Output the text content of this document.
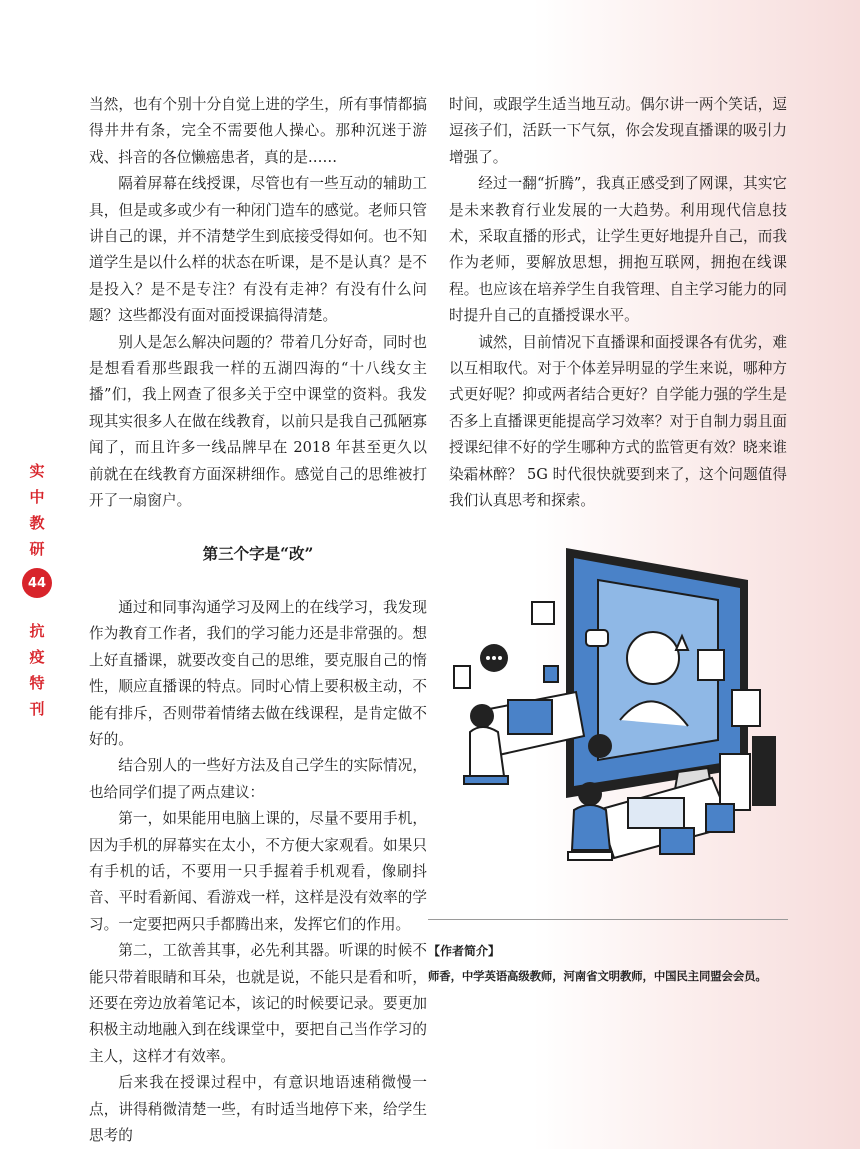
实
中
教
研
44
抗
疫
特
刊

当然，也有个别十分自觉上进的学生，所有事情都搞得井井有条，完全不需要他人操心。那种沉迷于游戏、抖音的各位懒癌患者，真的是……

隔着屏幕在线授课，尽管也有一些互动的辅助工具，但是或多或少有一种闭门造车的感觉。老师只管讲自己的课，并不清楚学生到底接受得如何。也不知道学生是以什么样的状态在听课，是不是认真？是不是投入？是不是专注？有没有走神？有没有什么问题？这些都没有面对面授课搞得清楚。

别人是怎么解决问题的？带着几分好奇，同时也是想看看那些跟我一样的五湖四海的“十八线女主播”们，我上网查了很多关于空中课堂的资料。我发现其实很多人在做在线教育，以前只是我自己孤陋寡闻了，而且许多一线品牌早在 2018 年甚至更久以前就在在线教育方面深耕细作。感觉自己的思维被打开了一扇窗户。

第三个字是“改”

通过和同事沟通学习及网上的在线学习，我发现作为教育工作者，我们的学习能力还是非常强的。想上好直播课，就要改变自己的思维，要克服自己的惰性，顺应直播课的特点。同时心情上要积极主动，不能有排斥，否则带着情绪去做在线课程，是肯定做不好的。

结合别人的一些好方法及自己学生的实际情况，也给同学们提了两点建议：

第一，如果能用电脑上课的，尽量不要用手机，因为手机的屏幕实在太小，不方便大家观看。如果只有手机的话，不要用一只手握着手机观看，像刷抖音、平时看新闻、看游戏一样，这样是没有效率的学习。一定要把两只手都腾出来，发挥它们的作用。

第二，工欲善其事，必先利其器。听课的时候不能只带着眼睛和耳朵，也就是说，不能只是看和听，还要在旁边放着笔记本，该记的时候要记录。要更加积极主动地融入到在线课堂中，要把自己当作学习的主人，这样才有效率。

后来我在授课过程中，有意识地语速稍微慢一点，讲得稍微清楚一些，有时适当地停下来，给学生思考的

时间，或跟学生适当地互动。偶尔讲一两个笑话，逗逗孩子们，活跃一下气氛，你会发现直播课的吸引力增强了。

经过一翻“折腾”，我真正感受到了网课，其实它是未来教育行业发展的一大趋势。利用现代信息技术，采取直播的形式，让学生更好地提升自己，而我作为老师，要解放思想，拥抱互联网，拥抱在线课程。也应该在培养学生自我管理、自主学习能力的同时提升自己的直播授课水平。

诚然，目前情况下直播课和面授课各有优劣，难以互相取代。对于个体差异明显的学生来说，哪种方式更好呢？抑或两者结合更好？自学能力强的学生是否多上直播课更能提高学习效率？对于自制力弱且面授课纪律不好的学生哪种方式的监管更有效？晓来谁染霜林醉？ 5G 时代很快就要到来了，这个问题值得我们认真思考和探索。

【作者简介】
师香，中学英语高级教师，河南省文明教师，中国民主同盟会会员。
